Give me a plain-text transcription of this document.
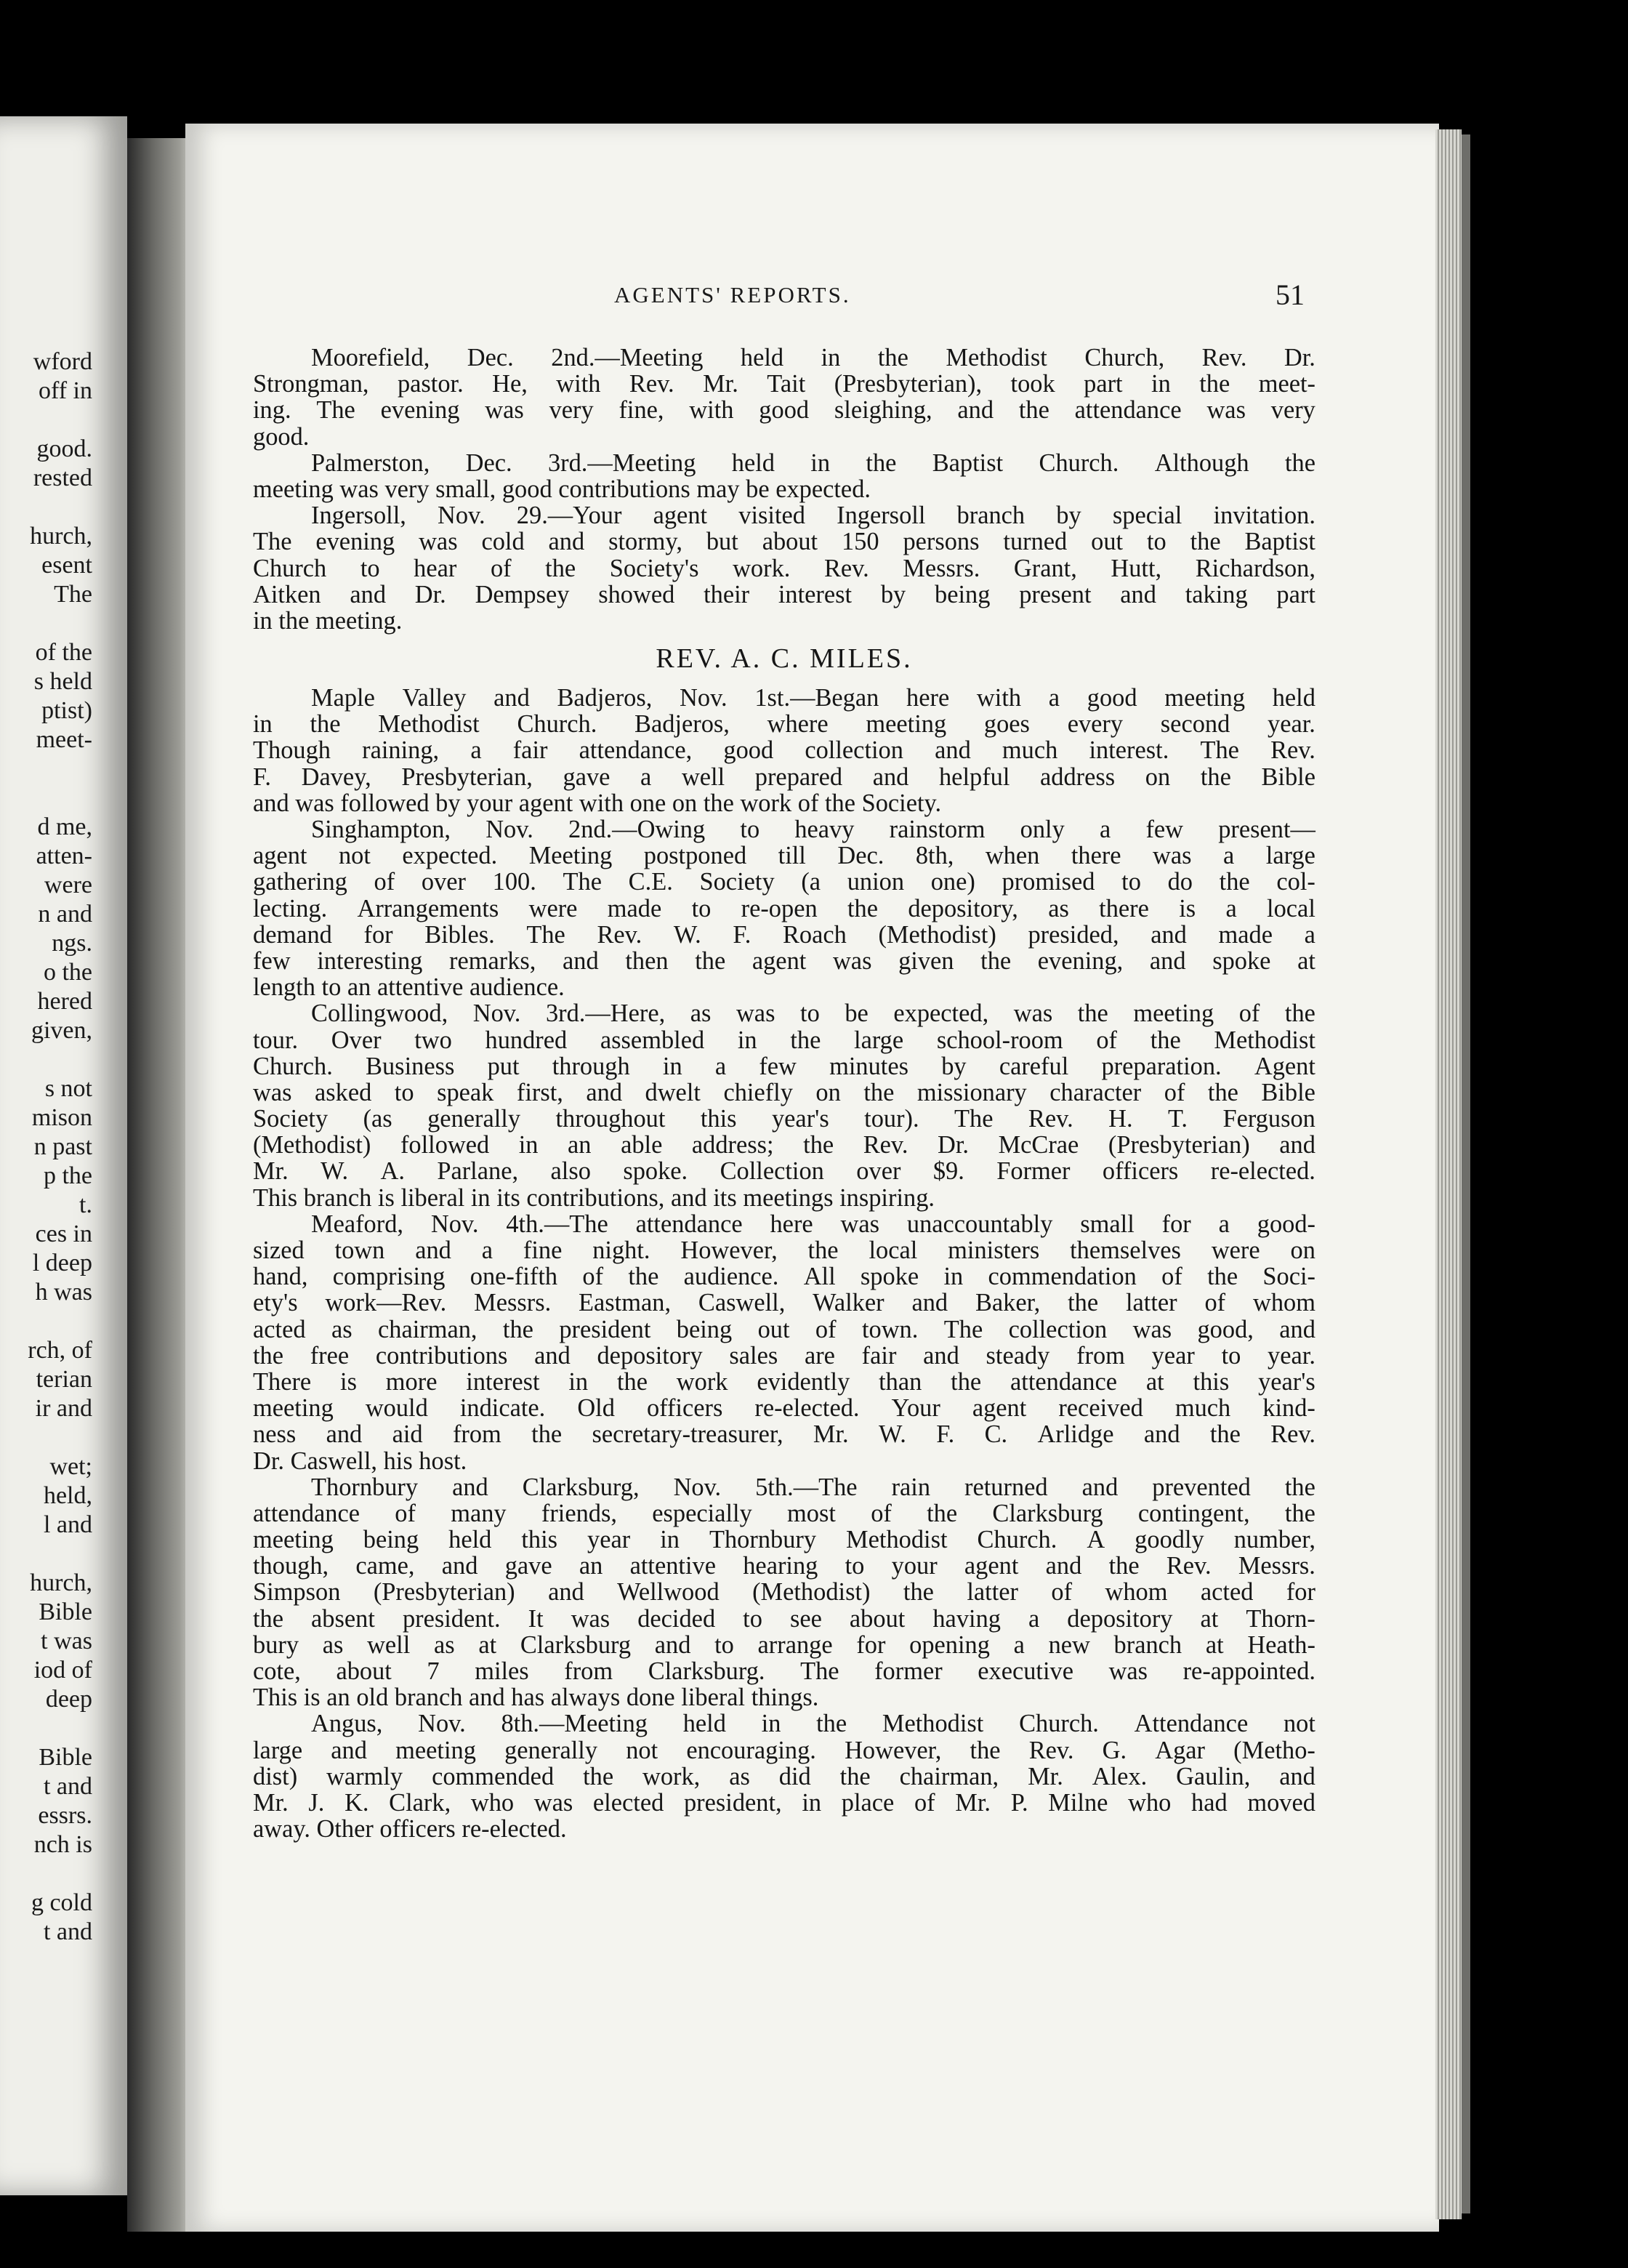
wford
off in
good.
rested
hurch,
esent
The
of the
s held
ptist)
meet-
d me,
atten-
were
n and
ngs.
o the
hered
given,
s not
mison
n past
p the
t.
ces in
l deep
h was
rch, of
terian
ir and
wet;
held,
l and
hurch,
Bible
t was
iod of
deep
Bible
t and
essrs.
nch is
g cold
t and
AGENTS' REPORTS.	51
Moorefield, Dec. 2nd.—Meeting held in the Methodist Church, Rev. Dr.
Strongman, pastor. He, with Rev. Mr. Tait (Presbyterian), took part in the meet-
ing. The evening was very fine, with good sleighing, and the attendance was very
good.
Palmerston, Dec. 3rd.—Meeting held in the Baptist Church. Although the
meeting was very small, good contributions may be expected.
Ingersoll, Nov. 29.—Your agent visited Ingersoll branch by special invitation.
The evening was cold and stormy, but about 150 persons turned out to the Baptist
Church to hear of the Society's work. Rev. Messrs. Grant, Hutt, Richardson,
Aitken and Dr. Dempsey showed their interest by being present and taking part
in the meeting.
REV. A. C. MILES.
Maple Valley and Badjeros, Nov. 1st.—Began here with a good meeting held
in the Methodist Church. Badjeros, where meeting goes every second year.
Though raining, a fair attendance, good collection and much interest. The Rev.
F. Davey, Presbyterian, gave a well prepared and helpful address on the Bible
and was followed by your agent with one on the work of the Society.
Singhampton, Nov. 2nd.—Owing to heavy rainstorm only a few present—
agent not expected. Meeting postponed till Dec. 8th, when there was a large
gathering of over 100. The C.E. Society (a union one) promised to do the col-
lecting. Arrangements were made to re-open the depository, as there is a local
demand for Bibles. The Rev. W. F. Roach (Methodist) presided, and made a
few interesting remarks, and then the agent was given the evening, and spoke at
length to an attentive audience.
Collingwood, Nov. 3rd.—Here, as was to be expected, was the meeting of the
tour. Over two hundred assembled in the large school-room of the Methodist
Church. Business put through in a few minutes by careful preparation. Agent
was asked to speak first, and dwelt chiefly on the missionary character of the Bible
Society (as generally throughout this year's tour). The Rev. H. T. Ferguson
(Methodist) followed in an able address; the Rev. Dr. McCrae (Presbyterian) and
Mr. W. A. Parlane, also spoke. Collection over $9. Former officers re-elected.
This branch is liberal in its contributions, and its meetings inspiring.
Meaford, Nov. 4th.—The attendance here was unaccountably small for a good-
sized town and a fine night. However, the local ministers themselves were on
hand, comprising one-fifth of the audience. All spoke in commendation of the Soci-
ety's work—Rev. Messrs. Eastman, Caswell, Walker and Baker, the latter of whom
acted as chairman, the president being out of town. The collection was good, and
the free contributions and depository sales are fair and steady from year to year.
There is more interest in the work evidently than the attendance at this year's
meeting would indicate. Old officers re-elected. Your agent received much kind-
ness and aid from the secretary-treasurer, Mr. W. F. C. Arlidge and the Rev.
Dr. Caswell, his host.
Thornbury and Clarksburg, Nov. 5th.—The rain returned and prevented the
attendance of many friends, especially most of the Clarksburg contingent, the
meeting being held this year in Thornbury Methodist Church. A goodly number,
though, came, and gave an attentive hearing to your agent and the Rev. Messrs.
Simpson (Presbyterian) and Wellwood (Methodist) the latter of whom acted for
the absent president. It was decided to see about having a depository at Thorn-
bury as well as at Clarksburg and to arrange for opening a new branch at Heath-
cote, about 7 miles from Clarksburg. The former executive was re-appointed.
This is an old branch and has always done liberal things.
Angus, Nov. 8th.—Meeting held in the Methodist Church. Attendance not
large and meeting generally not encouraging. However, the Rev. G. Agar (Metho-
dist) warmly commended the work, as did the chairman, Mr. Alex. Gaulin, and
Mr. J. K. Clark, who was elected president, in place of Mr. P. Milne who had moved
away. Other officers re-elected.
